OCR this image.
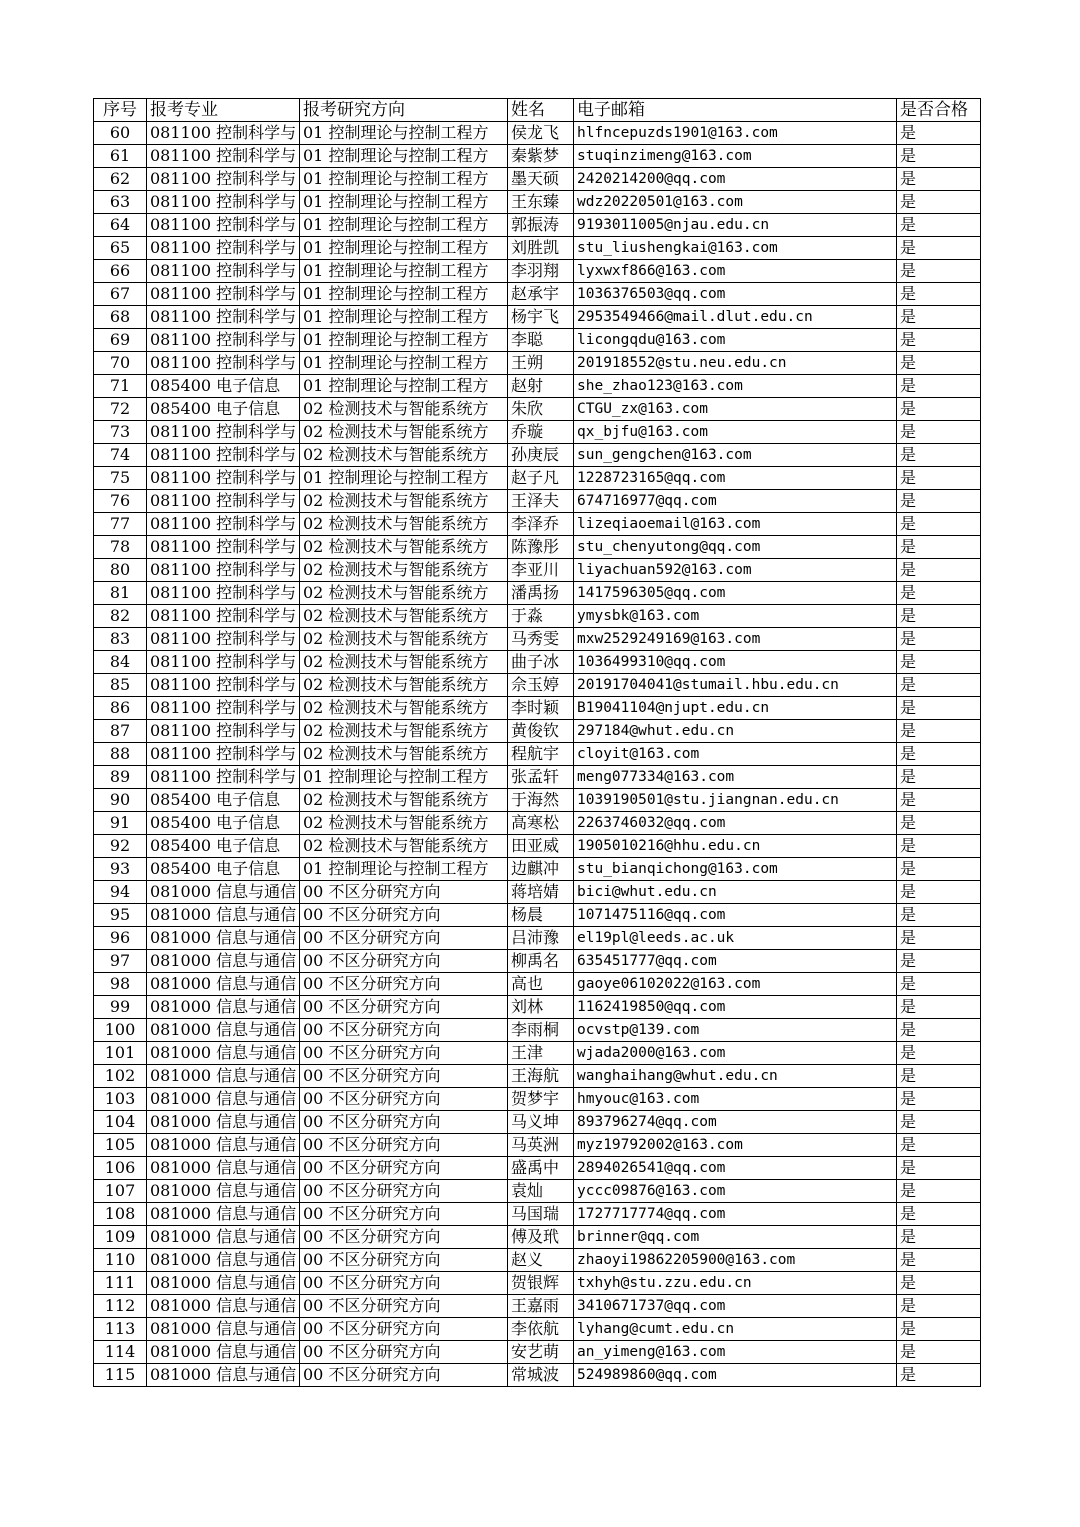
序号	报考专业	报考研究方向	姓名	电子邮箱	是否合格
60	081100 控制科学与	01 控制理论与控制工程方	侯龙飞	hlfncepuzds1901@163.com	是
61	081100 控制科学与	01 控制理论与控制工程方	秦紫梦	stuqinzimeng@163.com	是
62	081100 控制科学与	01 控制理论与控制工程方	墨天硕	2420214200@qq.com	是
63	081100 控制科学与	01 控制理论与控制工程方	王东臻	wdz20220501@163.com	是
64	081100 控制科学与	01 控制理论与控制工程方	郭振涛	9193011005@njau.edu.cn	是
65	081100 控制科学与	01 控制理论与控制工程方	刘胜凯	stu_liushengkai@163.com	是
66	081100 控制科学与	01 控制理论与控制工程方	李羽翔	lyxwxf866@163.com	是
67	081100 控制科学与	01 控制理论与控制工程方	赵承宇	1036376503@qq.com	是
68	081100 控制科学与	01 控制理论与控制工程方	杨宇飞	2953549466@mail.dlut.edu.cn	是
69	081100 控制科学与	01 控制理论与控制工程方	李聪	licongqdu@163.com	是
70	081100 控制科学与	01 控制理论与控制工程方	王朔	201918552@stu.neu.edu.cn	是
71	085400 电子信息	01 控制理论与控制工程方	赵射	she_zhao123@163.com	是
72	085400 电子信息	02 检测技术与智能系统方	朱欣	CTGU_zx@163.com	是
73	081100 控制科学与	02 检测技术与智能系统方	乔璇	qx_bjfu@163.com	是
74	081100 控制科学与	02 检测技术与智能系统方	孙庚辰	sun_gengchen@163.com	是
75	081100 控制科学与	01 控制理论与控制工程方	赵子凡	1228723165@qq.com	是
76	081100 控制科学与	02 检测技术与智能系统方	王泽夫	674716977@qq.com	是
77	081100 控制科学与	02 检测技术与智能系统方	李泽乔	lizeqiaoemail@163.com	是
78	081100 控制科学与	02 检测技术与智能系统方	陈豫彤	stu_chenyutong@qq.com	是
80	081100 控制科学与	02 检测技术与智能系统方	李亚川	liyachuan592@163.com	是
81	081100 控制科学与	02 检测技术与智能系统方	潘禹扬	1417596305@qq.com	是
82	081100 控制科学与	02 检测技术与智能系统方	于淼	ymysbk@163.com	是
83	081100 控制科学与	02 检测技术与智能系统方	马秀雯	mxw2529249169@163.com	是
84	081100 控制科学与	02 检测技术与智能系统方	曲子冰	1036499310@qq.com	是
85	081100 控制科学与	02 检测技术与智能系统方	佘玉婷	20191704041@stumail.hbu.edu.cn	是
86	081100 控制科学与	02 检测技术与智能系统方	李时颖	B19041104@njupt.edu.cn	是
87	081100 控制科学与	02 检测技术与智能系统方	黄俊钦	297184@whut.edu.cn	是
88	081100 控制科学与	02 检测技术与智能系统方	程航宇	cloyit@163.com	是
89	081100 控制科学与	01 控制理论与控制工程方	张孟轩	meng077334@163.com	是
90	085400 电子信息	02 检测技术与智能系统方	于海然	1039190501@stu.jiangnan.edu.cn	是
91	085400 电子信息	02 检测技术与智能系统方	高寒松	2263746032@qq.com	是
92	085400 电子信息	02 检测技术与智能系统方	田亚威	1905010216@hhu.edu.cn	是
93	085400 电子信息	01 控制理论与控制工程方	边麒冲	stu_bianqichong@163.com	是
94	081000 信息与通信	00 不区分研究方向	蒋培婧	bici@whut.edu.cn	是
95	081000 信息与通信	00 不区分研究方向	杨晨	1071475116@qq.com	是
96	081000 信息与通信	00 不区分研究方向	吕沛豫	el19pl@leeds.ac.uk	是
97	081000 信息与通信	00 不区分研究方向	柳禹名	635451777@qq.com	是
98	081000 信息与通信	00 不区分研究方向	高也	gaoye06102022@163.com	是
99	081000 信息与通信	00 不区分研究方向	刘林	1162419850@qq.com	是
100	081000 信息与通信	00 不区分研究方向	李雨桐	ocvstp@139.com	是
101	081000 信息与通信	00 不区分研究方向	王津	wjada2000@163.com	是
102	081000 信息与通信	00 不区分研究方向	王海航	wanghaihang@whut.edu.cn	是
103	081000 信息与通信	00 不区分研究方向	贺梦宇	hmyouc@163.com	是
104	081000 信息与通信	00 不区分研究方向	马义坤	893796274@qq.com	是
105	081000 信息与通信	00 不区分研究方向	马英洲	myz19792002@163.com	是
106	081000 信息与通信	00 不区分研究方向	盛禹中	2894026541@qq.com	是
107	081000 信息与通信	00 不区分研究方向	袁灿	yccc09876@163.com	是
108	081000 信息与通信	00 不区分研究方向	马国瑞	1727717774@qq.com	是
109	081000 信息与通信	00 不区分研究方向	傅及玳	brinner@qq.com	是
110	081000 信息与通信	00 不区分研究方向	赵义	zhaoyi19862205900@163.com	是
111	081000 信息与通信	00 不区分研究方向	贺银辉	txhyh@stu.zzu.edu.cn	是
112	081000 信息与通信	00 不区分研究方向	王嘉雨	3410671737@qq.com	是
113	081000 信息与通信	00 不区分研究方向	李依航	lyhang@cumt.edu.cn	是
114	081000 信息与通信	00 不区分研究方向	安艺萌	an_yimeng@163.com	是
115	081000 信息与通信	00 不区分研究方向	常城波	524989860@qq.com	是
